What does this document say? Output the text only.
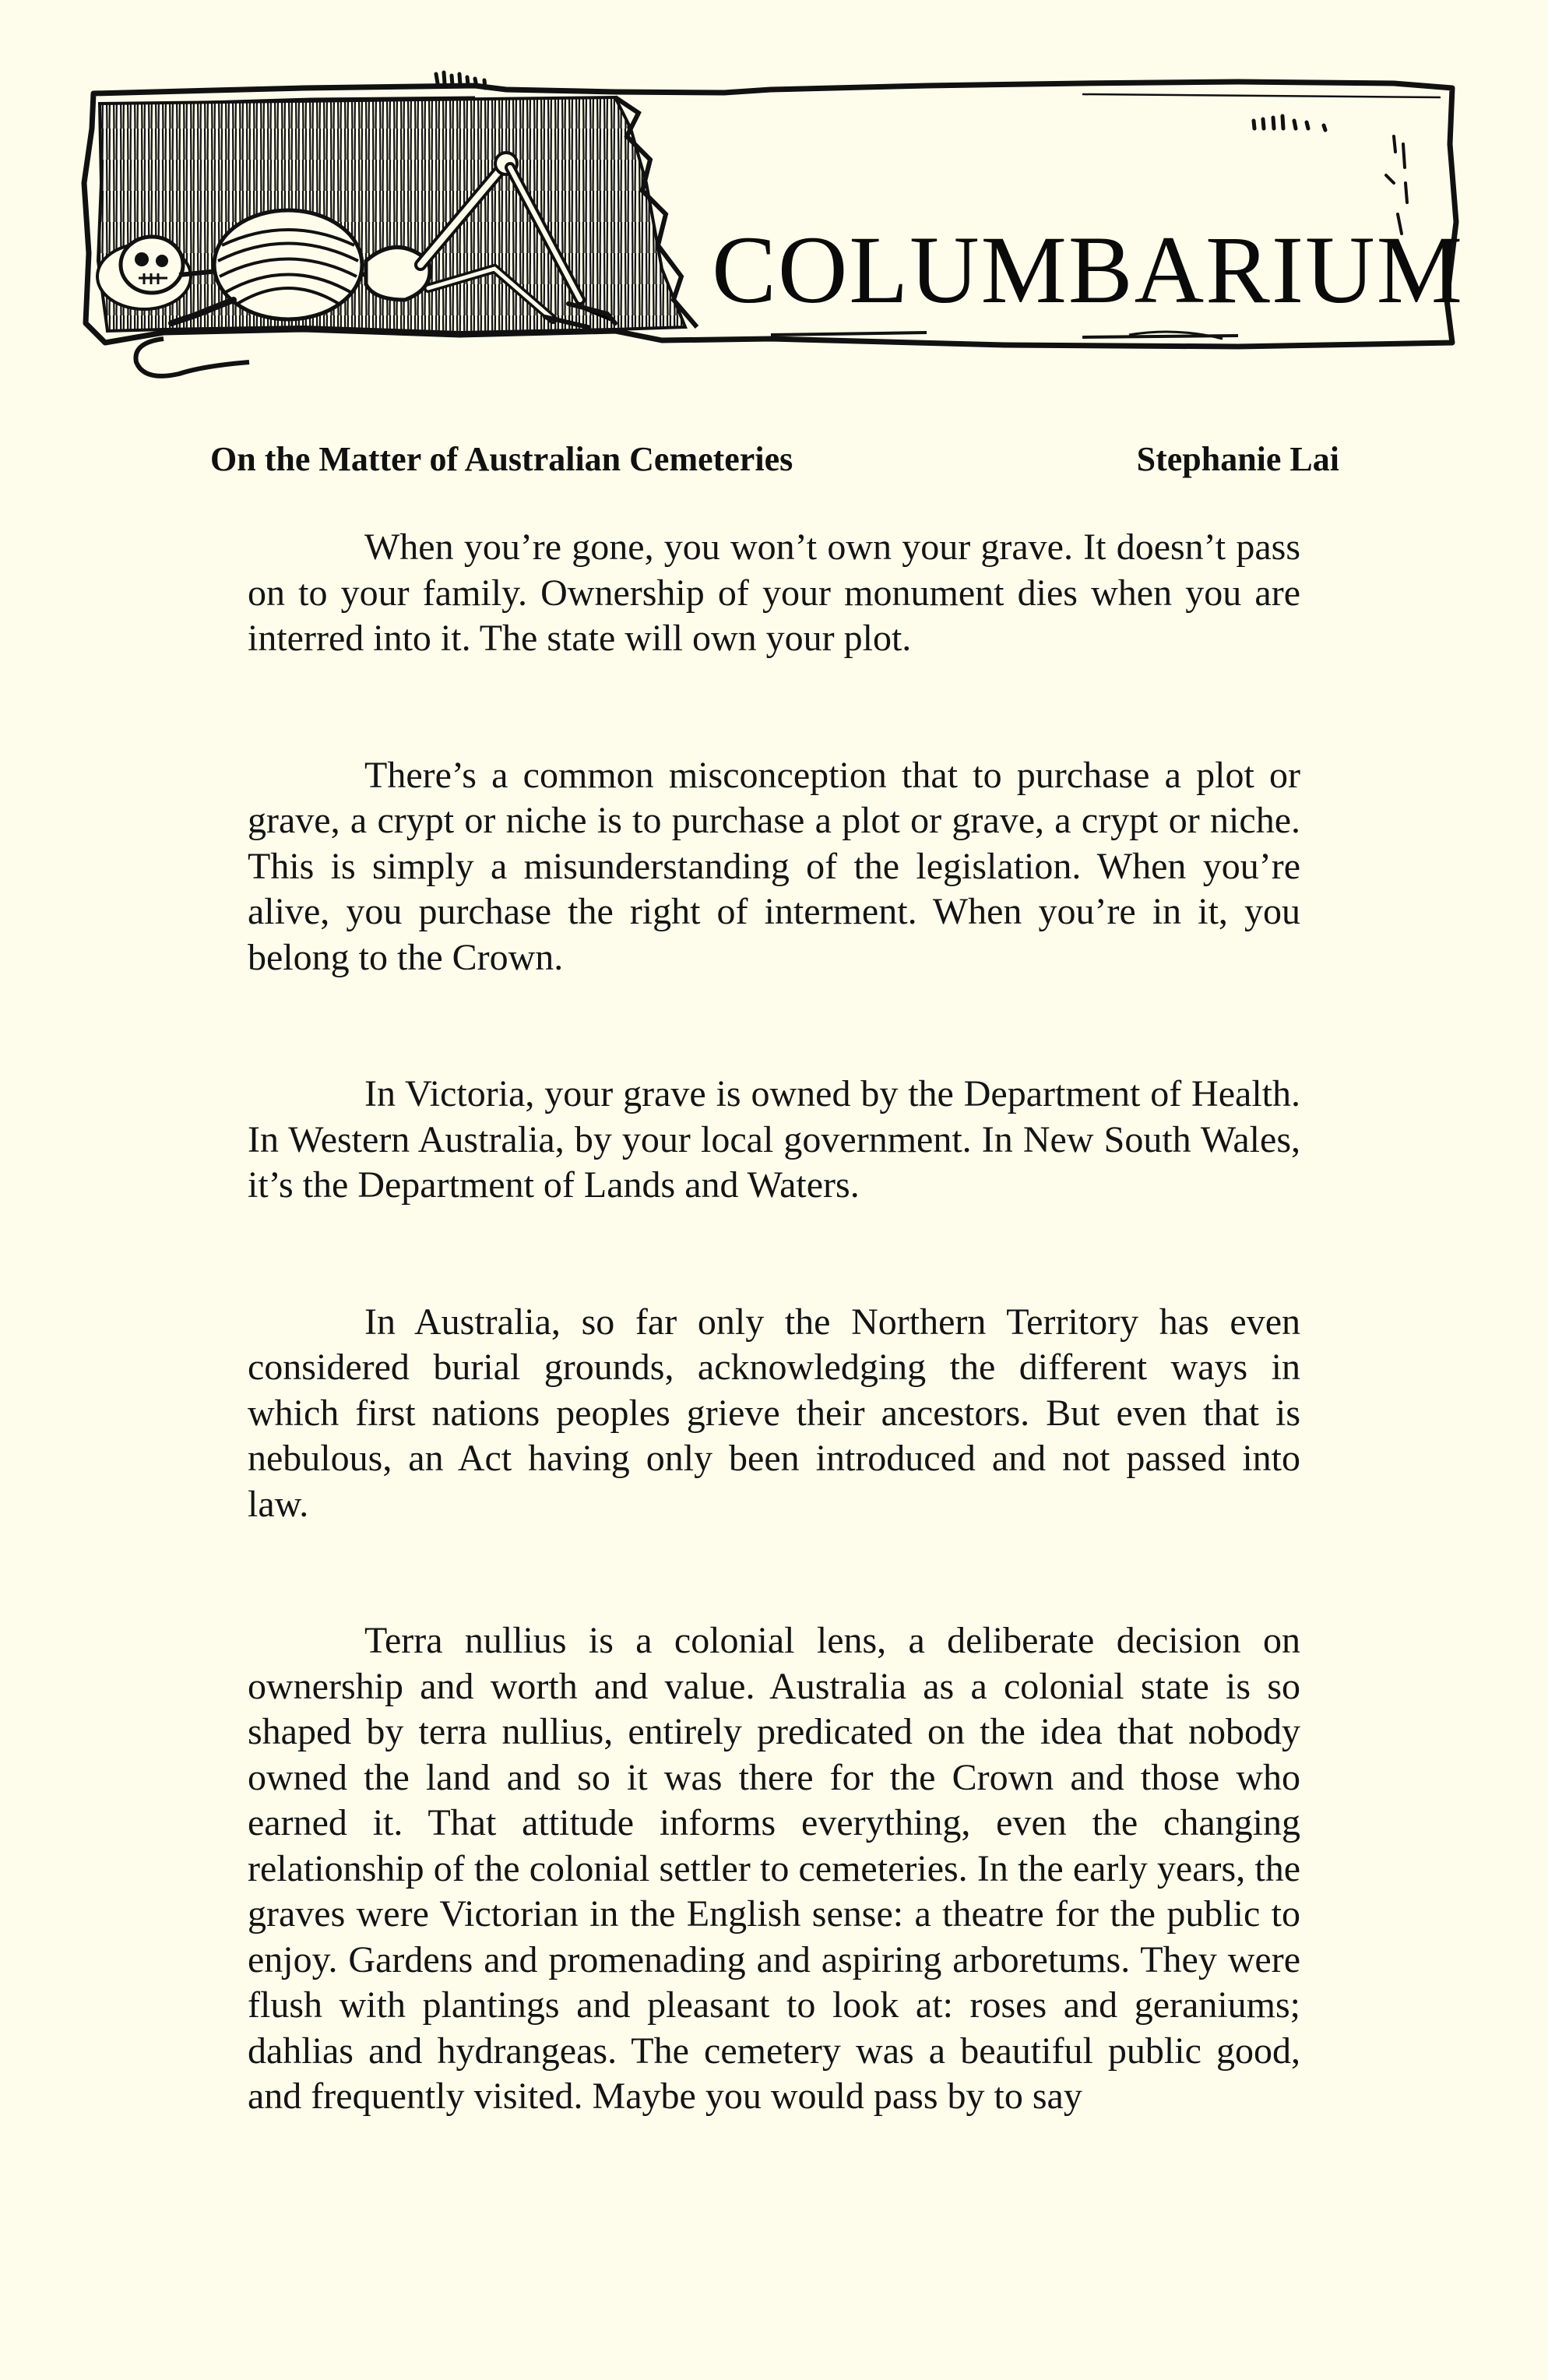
COLUMBARIUM
On the Matter of Australian Cemeteries	Stephanie Lai

When you’re gone, you won’t own your grave. It doesn’t pass on to your family. Ownership of your monument dies when you are interred into it. The state will own your plot.

There’s a common misconception that to purchase a plot or grave, a crypt or niche is to purchase a plot or grave, a crypt or niche. This is simply a misunderstanding of the legislation. When you’re alive, you purchase the right of interment. When you’re in it, you belong to the Crown.

In Victoria, your grave is owned by the Department of Health. In Western Australia, by your local government. In New South Wales, it’s the Department of Lands and Waters.

In Australia, so far only the Northern Territory has even considered burial grounds, acknowledging the different ways in which first nations peoples grieve their ancestors. But even that is nebulous, an Act having only been introduced and not passed into law.

Terra nullius is a colonial lens, a deliberate decision on ownership and worth and value. Australia as a colonial state is so shaped by terra nullius, entirely predicated on the idea that nobody owned the land and so it was there for the Crown and those who earned it. That attitude informs everything, even the changing relationship of the colonial settler to cemeteries. In the early years, the graves were Victorian in the English sense: a theatre for the public to enjoy. Gardens and promenading and aspiring arboretums. They were flush with plantings and pleasant to look at: roses and geraniums; dahlias and hydrangeas. The cemetery was a beautiful public good, and frequently visited. Maybe you would pass by to say
